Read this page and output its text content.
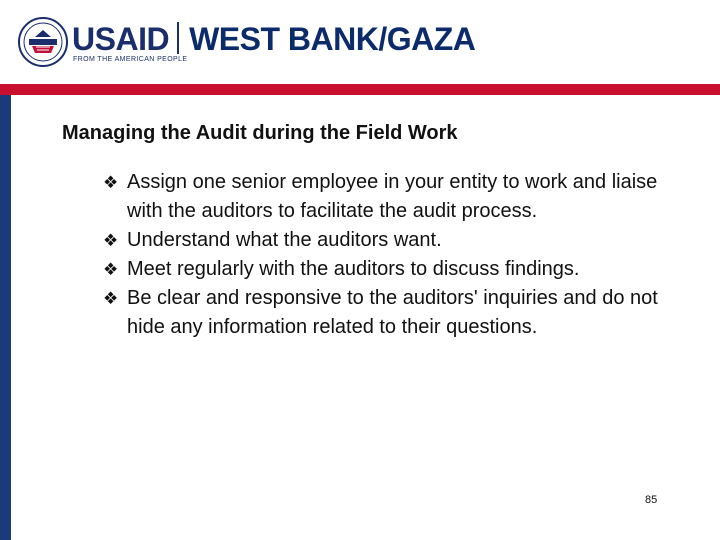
USAID WEST BANK/GAZA
FROM THE AMERICAN PEOPLE
Managing the Audit during the Field Work
❖ Assign one senior employee in your entity to work and liaise with the auditors to facilitate the audit process.
❖ Understand what the auditors want.
❖ Meet regularly with the auditors to discuss findings.
❖ Be clear and responsive to the auditors' inquiries and do not hide any information related to their questions.
85
